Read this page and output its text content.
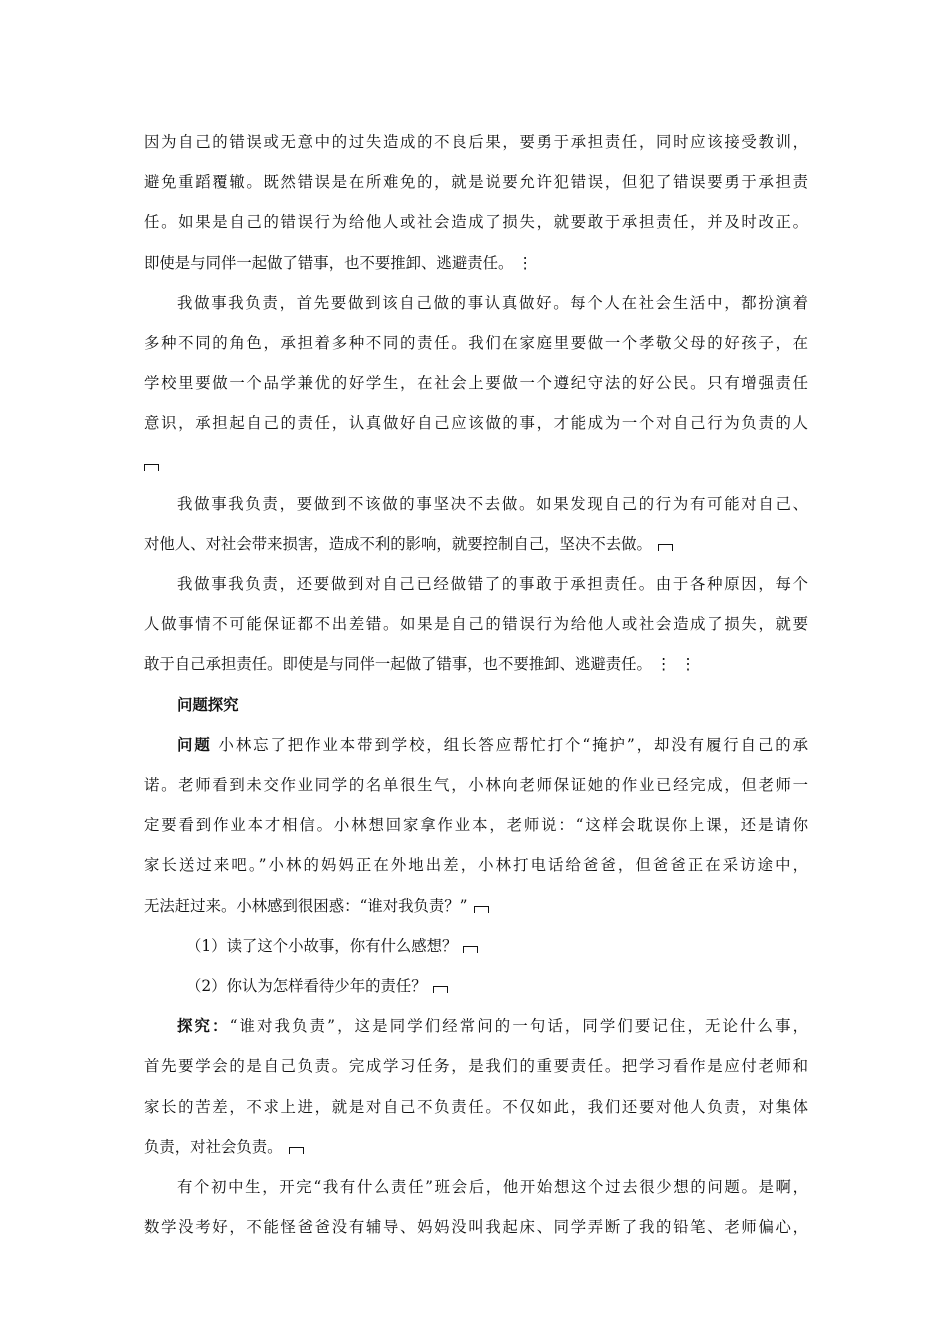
因为自己的错误或无意中的过失造成的不良后果，要勇于承担责任，同时应该接受教训，
避免重蹈覆辙。既然错误是在所难免的，就是说要允许犯错误，但犯了错误要勇于承担责
任。如果是自己的错误行为给他人或社会造成了损失，就要敢于承担责任，并及时改正。
即使是与同伴一起做了错事，也不要推卸、逃避责任。 ⋮
我做事我负责，首先要做到该自己做的事认真做好。每个人在社会生活中，都扮演着
多种不同的角色，承担着多种不同的责任。我们在家庭里要做一个孝敬父母的好孩子，在
学校里要做一个品学兼优的好学生，在社会上要做一个遵纪守法的好公民。只有增强责任
意识，承担起自己的责任，认真做好自己应该做的事，才能成为一个对自己行为负责的人
我做事我负责，要做到不该做的事坚决不去做。如果发现自己的行为有可能对自己、
对他人、对社会带来损害，造成不利的影响，就要控制自己，坚决不去做。
我做事我负责，还要做到对自己已经做错了的事敢于承担责任。由于各种原因，每个
人做事情不可能保证都不出差错。如果是自己的错误行为给他人或社会造成了损失，就要
敢于自己承担责任。即使是与同伴一起做了错事，也不要推卸、逃避责任。 ⋮ ⋮
问题探究
问题 小林忘了把作业本带到学校，组长答应帮忙打个“掩护”，却没有履行自己的承
诺。老师看到未交作业同学的名单很生气，小林向老师保证她的作业已经完成，但老师一
定要看到作业本才相信。小林想回家拿作业本，老师说：“这样会耽误你上课，还是请你
家长送过来吧。”小林的妈妈正在外地出差，小林打电话给爸爸，但爸爸正在采访途中，
无法赶过来。小林感到很困惑：“谁对我负责？”
（1）读了这个小故事，你有什么感想？
（2）你认为怎样看待少年的责任？
探究：“谁对我负责”，这是同学们经常问的一句话，同学们要记住，无论什么事，
首先要学会的是自己负责。完成学习任务，是我们的重要责任。把学习看作是应付老师和
家长的苦差，不求上进，就是对自己不负责任。不仅如此，我们还要对他人负责，对集体
负责，对社会负责。
有个初中生，开完“我有什么责任”班会后，他开始想这个过去很少想的问题。是啊，
数学没考好，不能怪爸爸没有辅导、妈妈没叫我起床、同学弄断了我的铅笔、老师偏心，
